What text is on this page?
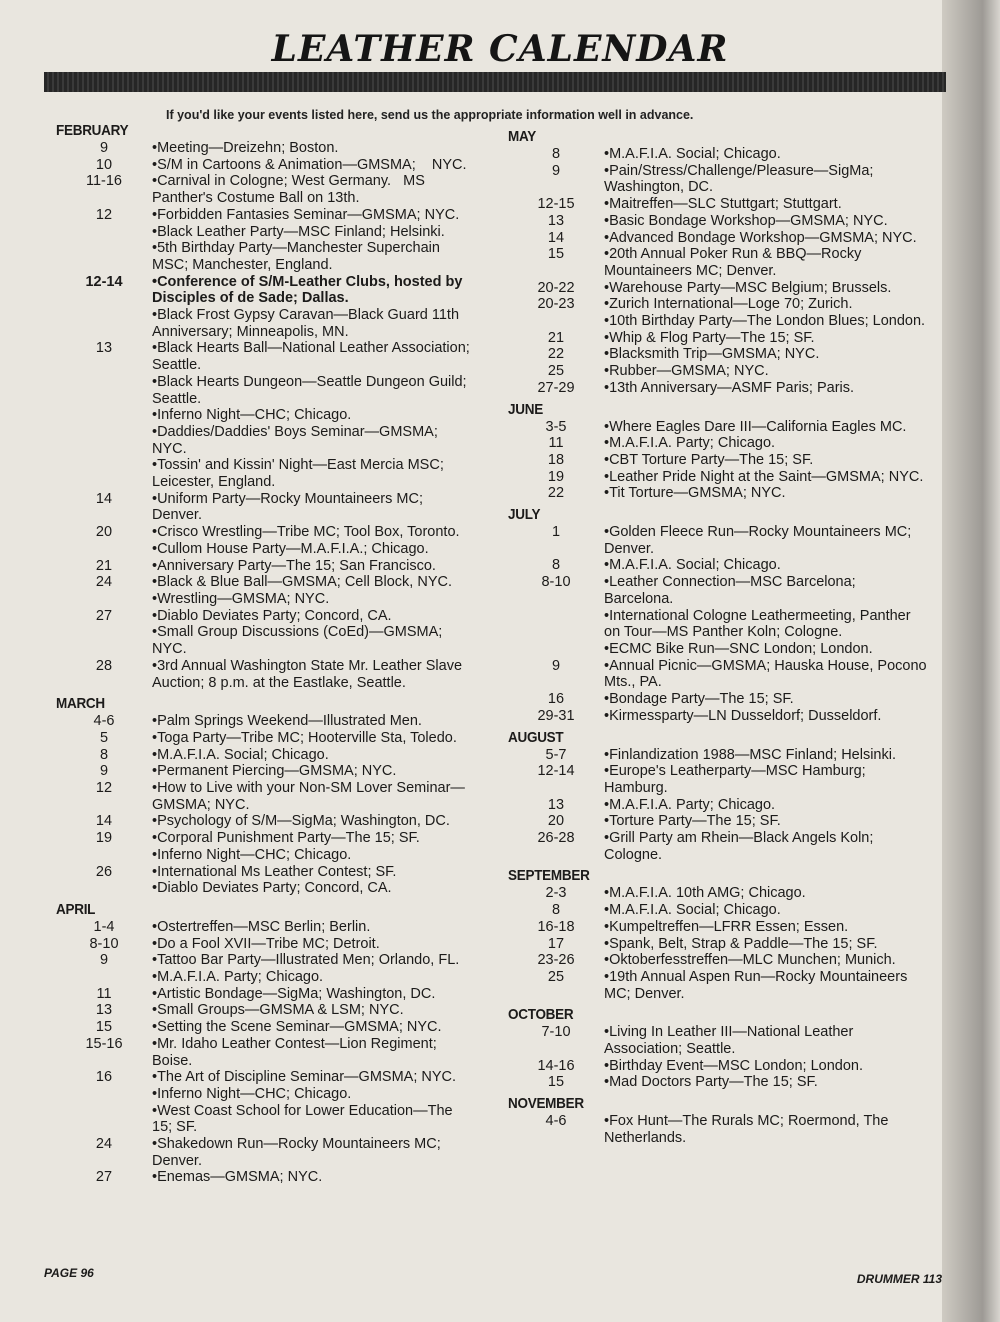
LEATHER CALENDAR
If you'd like your events listed here, send us the appropriate information well in advance.
FEBRUARY
9	•Meeting—Dreizehn; Boston.
10	•S/M in Cartoons & Animation—GMSMA;    NYC.
11-16	•Carnival in Cologne; West Germany.   MS Panther's Costume Ball on 13th.
12	•Forbidden Fantasies Seminar—GMSMA; NYC.
•Black Leather Party—MSC Finland; Helsinki.
•5th Birthday Party—Manchester Superchain MSC; Manchester, England.
12-14	•Conference of S/M-Leather Clubs, hosted by Disciples of de Sade; Dallas.
•Black Frost Gypsy Caravan—Black Guard 11th Anniversary; Minneapolis, MN.
13	•Black Hearts Ball—National Leather Association; Seattle.
•Black Hearts Dungeon—Seattle Dungeon Guild; Seattle.
•Inferno Night—CHC; Chicago.
•Daddies/Daddies' Boys Seminar—GMSMA; NYC.
•Tossin' and Kissin' Night—East Mercia MSC; Leicester, England.
14	•Uniform Party—Rocky Mountaineers MC; Denver.
20	•Crisco Wrestling—Tribe MC; Tool Box, Toronto.
•Cullom House Party—M.A.F.I.A.; Chicago.
21	•Anniversary Party—The 15; San Francisco.
24	•Black & Blue Ball—GMSMA; Cell Block, NYC.
•Wrestling—GMSMA; NYC.
27	•Diablo Deviates Party; Concord, CA.
•Small Group Discussions (CoEd)—GMSMA; NYC.
28	•3rd Annual Washington State Mr. Leather Slave Auction; 8 p.m. at the Eastlake, Seattle.
MARCH
4-6	•Palm Springs Weekend—Illustrated Men.
5	•Toga Party—Tribe MC; Hooterville Sta, Toledo.
8	•M.A.F.I.A. Social; Chicago.
9	•Permanent Piercing—GMSMA; NYC.
12	•How to Live with your Non-SM Lover Seminar—GMSMA; NYC.
14	•Psychology of S/M—SigMa; Washington, DC.
19	•Corporal Punishment Party—The 15; SF.
•Inferno Night—CHC; Chicago.
26	•International Ms Leather Contest; SF.
•Diablo Deviates Party; Concord, CA.
APRIL
1-4	•Ostertreffen—MSC Berlin; Berlin.
8-10	•Do a Fool XVII—Tribe MC; Detroit.
9	•Tattoo Bar Party—Illustrated Men; Orlando, FL.
•M.A.F.I.A. Party; Chicago.
11	•Artistic Bondage—SigMa; Washington, DC.
13	•Small Groups—GMSMA & LSM; NYC.
15	•Setting the Scene Seminar—GMSMA; NYC.
15-16	•Mr. Idaho Leather Contest—Lion Regiment; Boise.
16	•The Art of Discipline Seminar—GMSMA; NYC.
•Inferno Night—CHC; Chicago.
•West Coast School for Lower Education—The 15; SF.
24	•Shakedown Run—Rocky Mountaineers MC; Denver.
27	•Enemas—GMSMA; NYC.
MAY
8	•M.A.F.I.A. Social; Chicago.
9	•Pain/Stress/Challenge/Pleasure—SigMa; Washington, DC.
12-15	•Maitreffen—SLC Stuttgart; Stuttgart.
13	•Basic Bondage Workshop—GMSMA; NYC.
14	•Advanced Bondage Workshop—GMSMA; NYC.
15	•20th Annual Poker Run & BBQ—Rocky Mountaineers MC; Denver.
20-22	•Warehouse Party—MSC Belgium; Brussels.
20-23	•Zurich International—Loge 70; Zurich.
•10th Birthday Party—The London Blues; London.
21	•Whip & Flog Party—The 15; SF.
22	•Blacksmith Trip—GMSMA; NYC.
25	•Rubber—GMSMA; NYC.
27-29	•13th Anniversary—ASMF Paris; Paris.
JUNE
3-5	•Where Eagles Dare III—California Eagles MC.
11	•M.A.F.I.A. Party; Chicago.
18	•CBT Torture Party—The 15; SF.
19	•Leather Pride Night at the Saint—GMSMA; NYC.
22	•Tit Torture—GMSMA; NYC.
JULY
1	•Golden Fleece Run—Rocky Mountaineers MC; Denver.
8	•M.A.F.I.A. Social; Chicago.
8-10	•Leather Connection—MSC Barcelona; Barcelona.
•International Cologne Leathermeeting, Panther on Tour—MS Panther Koln; Cologne.
•ECMC Bike Run—SNC London; London.
9	•Annual Picnic—GMSMA; Hauska House, Pocono Mts., PA.
16	•Bondage Party—The 15; SF.
29-31	•Kirmessparty—LN Dusseldorf; Dusseldorf.
AUGUST
5-7	•Finlandization 1988—MSC Finland; Helsinki.
12-14	•Europe's Leatherparty—MSC Hamburg; Hamburg.
13	•M.A.F.I.A. Party; Chicago.
20	•Torture Party—The 15; SF.
26-28	•Grill Party am Rhein—Black Angels Koln; Cologne.
SEPTEMBER
2-3	•M.A.F.I.A. 10th AMG; Chicago.
8	•M.A.F.I.A. Social; Chicago.
16-18	•Kumpeltreffen—LFRR Essen; Essen.
17	•Spank, Belt, Strap & Paddle—The 15; SF.
23-26	•Oktoberfesstreffen—MLC Munchen; Munich.
25	•19th Annual Aspen Run—Rocky Mountaineers MC; Denver.
OCTOBER
7-10	•Living In Leather III—National Leather Association; Seattle.
14-16	•Birthday Event—MSC London; London.
15	•Mad Doctors Party—The 15; SF.
NOVEMBER
4-6	•Fox Hunt—The Rurals MC; Roermond, The Netherlands.
PAGE 96	DRUMMER 113
